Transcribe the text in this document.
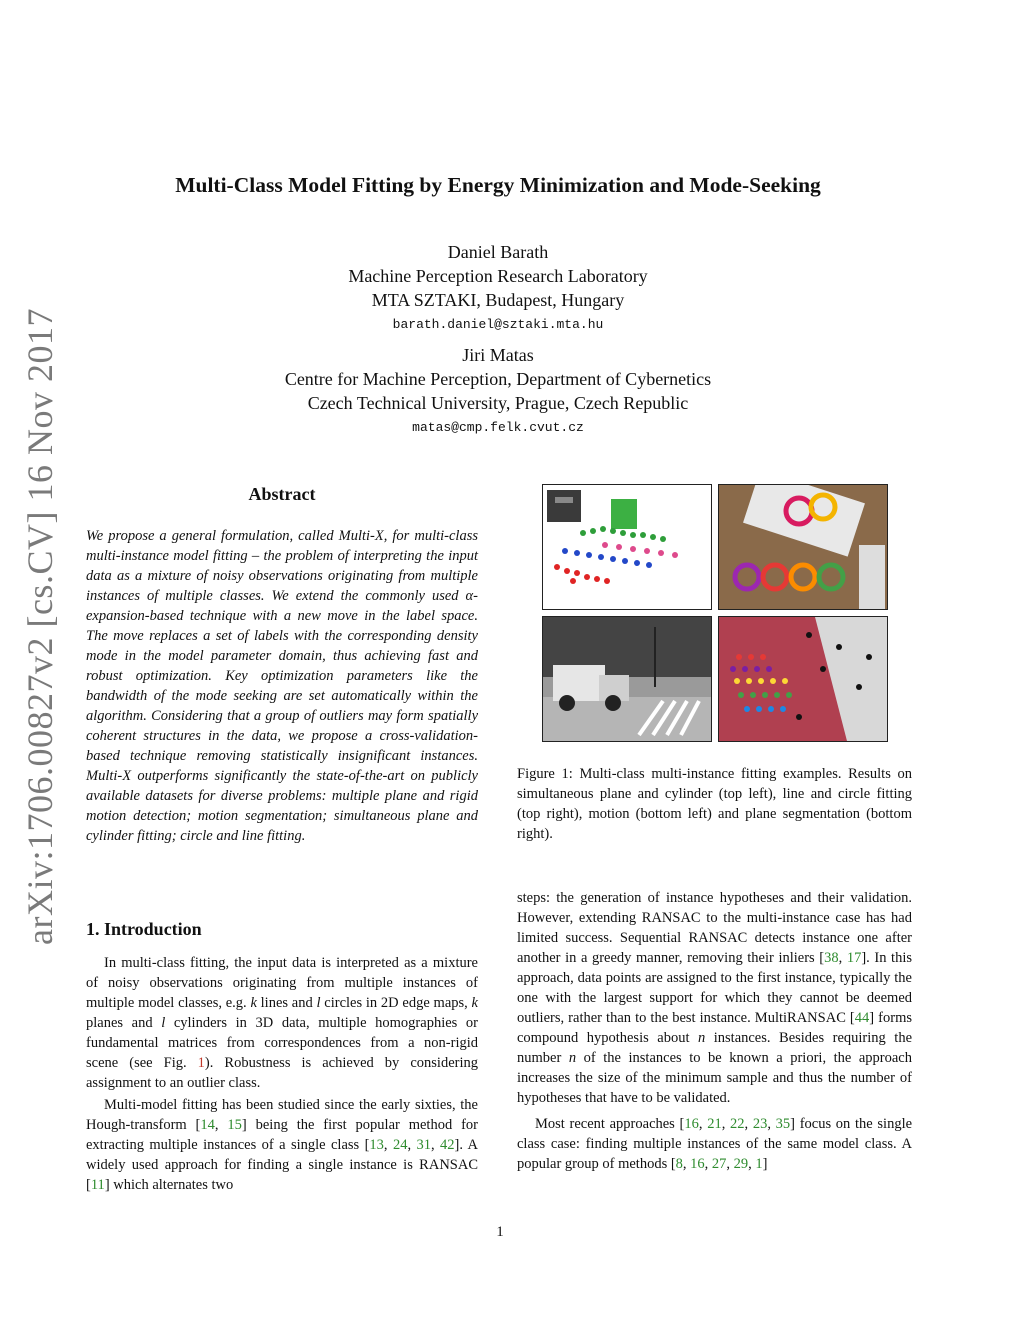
arXiv:1706.00827v2 [cs.CV] 16 Nov 2017
Multi-Class Model Fitting by Energy Minimization and Mode-Seeking
Daniel Barath
Machine Perception Research Laboratory
MTA SZTAKI, Budapest, Hungary
barath.daniel@sztaki.mta.hu
Jiri Matas
Centre for Machine Perception, Department of Cybernetics
Czech Technical University, Prague, Czech Republic
matas@cmp.felk.cvut.cz
Abstract
We propose a general formulation, called Multi-X, for multi-class multi-instance model fitting – the problem of interpreting the input data as a mixture of noisy observations originating from multiple instances of multiple classes. We extend the commonly used α-expansion-based technique with a new move in the label space. The move replaces a set of labels with the corresponding density mode in the model parameter domain, thus achieving fast and robust optimization. Key optimization parameters like the bandwidth of the mode seeking are set automatically within the algorithm. Considering that a group of outliers may form spatially coherent structures in the data, we propose a cross-validation-based technique removing statistically insignificant instances. Multi-X outperforms significantly the state-of-the-art on publicly available datasets for diverse problems: multiple plane and rigid motion detection; motion segmentation; simultaneous plane and cylinder fitting; circle and line fitting.
1. Introduction

In multi-class fitting, the input data is interpreted as a mixture of noisy observations originating from multiple instances of multiple model classes, e.g. k lines and l circles in 2D edge maps, k planes and l cylinders in 3D data, multiple homographies or fundamental matrices from correspondences from a non-rigid scene (see Fig. 1). Robustness is achieved by considering assignment to an outlier class.

Multi-model fitting has been studied since the early sixties, the Hough-transform [14, 15] being the first popular method for extracting multiple instances of a single class [13, 24, 31, 42]. A widely used approach for finding a single instance is RANSAC [11] which alternates two

Figure 1: Multi-class multi-instance fitting examples. Results on simultaneous plane and cylinder (top left), line and circle fitting (top right), motion (bottom left) and plane segmentation (bottom right).

steps: the generation of instance hypotheses and their validation. However, extending RANSAC to the multi-instance case has had limited success. Sequential RANSAC detects instance one after another in a greedy manner, removing their inliers [38, 17]. In this approach, data points are assigned to the first instance, typically the one with the largest support for which they cannot be deemed outliers, rather than to the best instance. MultiRANSAC [44] forms compound hypothesis about n instances. Besides requiring the number n of the instances to be known a priori, the approach increases the size of the minimum sample and thus the number of hypotheses that have to be validated.

Most recent approaches [16, 21, 22, 23, 35] focus on the single class case: finding multiple instances of the same model class. A popular group of methods [8, 16, 27, 29, 1]

1
